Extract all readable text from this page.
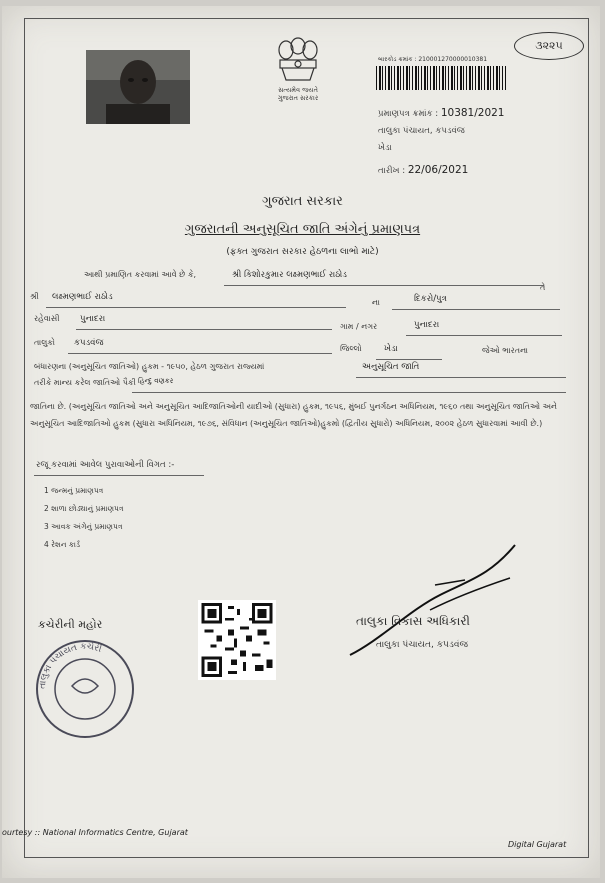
સત્યમેવ જયતે
ગુજરાત સરકાર
બારકોડ ક્રમાંક : 210001270000010381
૩૨૨૫
પ્રમાણપત્ર ક્રમાંક : 10381/2021
તાલુકા પંચાયત, કપડવંજ
ખેડા
તારીખ : 22/06/2021
ગુજરાત સરકાર
ગુજરાતની અનુસૂચિત જાતિ અંગેનું પ્રમાણપત્ર
(ફક્ત ગુજરાત સરકાર હેઠળના લાભો માટે)
આથી પ્રમાણિત કરવામાં આવે છે કે,	શ્રી કિશોરકુમાર લક્ષ્મણભાઈ રાઠોડ
તે
શ્રી લક્ષ્મણભાઈ રાઠોડ
ના	દિકરો/પુત્ર
રહેવાસી પુનાદરા
ગામ / નગર	પુનાદરા
તાલુકો કપડવંજ
જિલ્લો	ખેડા	જેઓ ભારતના
બંધારણના (અનુસૂચિત જાતિઓ) હુકમ - ૧૯૫૦, હેઠળ ગુજરાત રાજ્યમાં	અનુસૂચિત જાતિ
તરીકે માન્ય કરેલ જાતિઓ પૈકી હિન્દુ વણકર
જાતિના છે. (અનુસૂચિત જાતિઓ અને અનુસૂચિત આદિજાતિઓની યાદીઓ (સુધારા) હુકમ, ૧૯૫૬, મુંબઈ પુનર્ગઠન અધિનિયમ, ૧૯૬૦ તથા અનુસૂચિત જાતિઓ અને અનુસૂચિત આદિજાતિઓ હુકમ (સુધારા અધિનિયમ, ૧૯૭૬, સંવિધાન (અનુસૂચિત જાતિઓ)હુકમો (દ્વિતીય સુધારો) અધિનિયમ, ૨૦૦૨ હેઠળ સુધારવામાં આવી છે.)
રજૂ કરવામાં આવેલ પુરાવાઓની વિગત :-
1 જન્મનું પ્રમાણપત્ર
2 શાળા છોડ્યાનું પ્રમાણપત્ર
3 આવક અંગેનું પ્રમાણપત્ર
4 રેશન કાર્ડ
કચેરીની મહોર
તાલુકા પંચાયત કચેરી
તાલુકા વિકાસ અધિકારી
તાલુકા પંચાયત, કપડવંજ
ourtesy :: National Informatics Centre, Gujarat
Digital Gujarat
